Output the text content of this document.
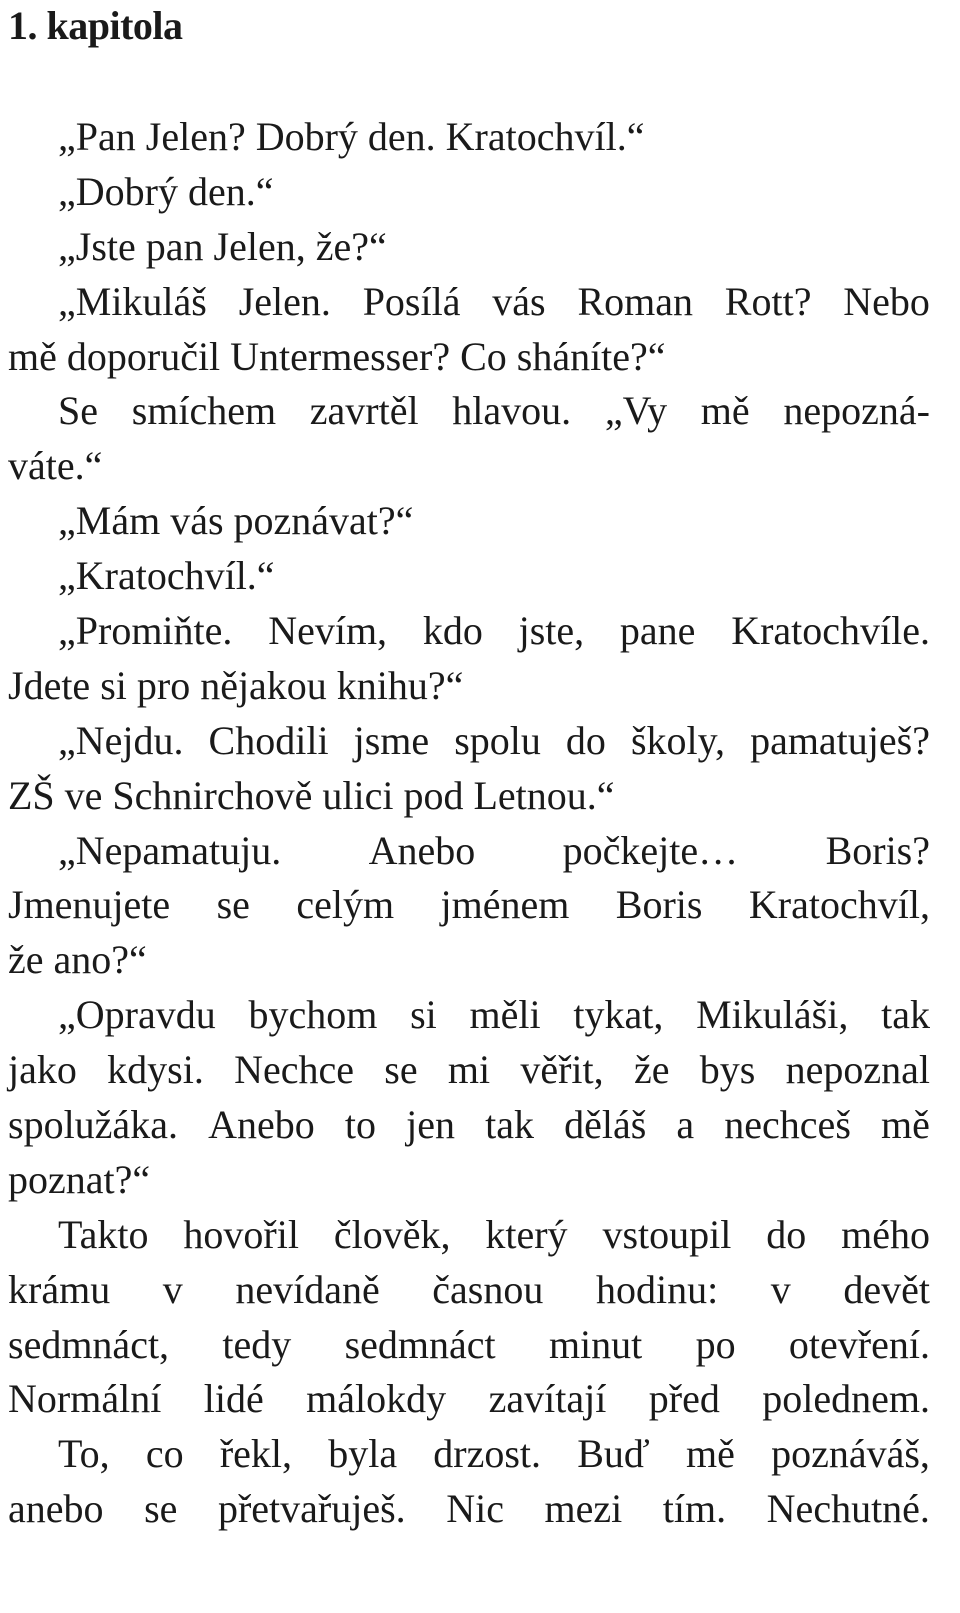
1. kapitola
„Pan Jelen? Dobrý den. Kratochvíl.“
„Dobrý den.“
„Jste pan Jelen, že?“
„Mikuláš Jelen. Posílá vás Roman Rott? Nebo
mě doporučil Untermesser? Co sháníte?“
Se smíchem zavrtěl hlavou. „Vy mě nepozná-
váte.“
„Mám vás poznávat?“
„Kratochvíl.“
„Promiňte. Nevím, kdo jste, pane Kratochvíle.
Jdete si pro nějakou knihu?“
„Nejdu. Chodili jsme spolu do školy, pamatuješ?
ZŠ ve Schnirchově ulici pod Letnou.“
„Nepamatuju. Anebo počkejte… Boris?
Jmenujete se celým jménem Boris Kratochvíl,
že ano?“
„Opravdu bychom si měli tykat, Mikuláši, tak
jako kdysi. Nechce se mi věřit, že bys nepoznal
spolužáka. Anebo to jen tak děláš a nechceš mě
poznat?“
Takto hovořil člověk, který vstoupil do mého
krámu v nevídaně časnou hodinu: v devět
sedmnáct, tedy sedmnáct minut po otevření.
Normální lidé málokdy zavítají před polednem.
To, co řekl, byla drzost. Buď mě poznáváš,
anebo se přetvařuješ. Nic mezi tím. Nechutné.
